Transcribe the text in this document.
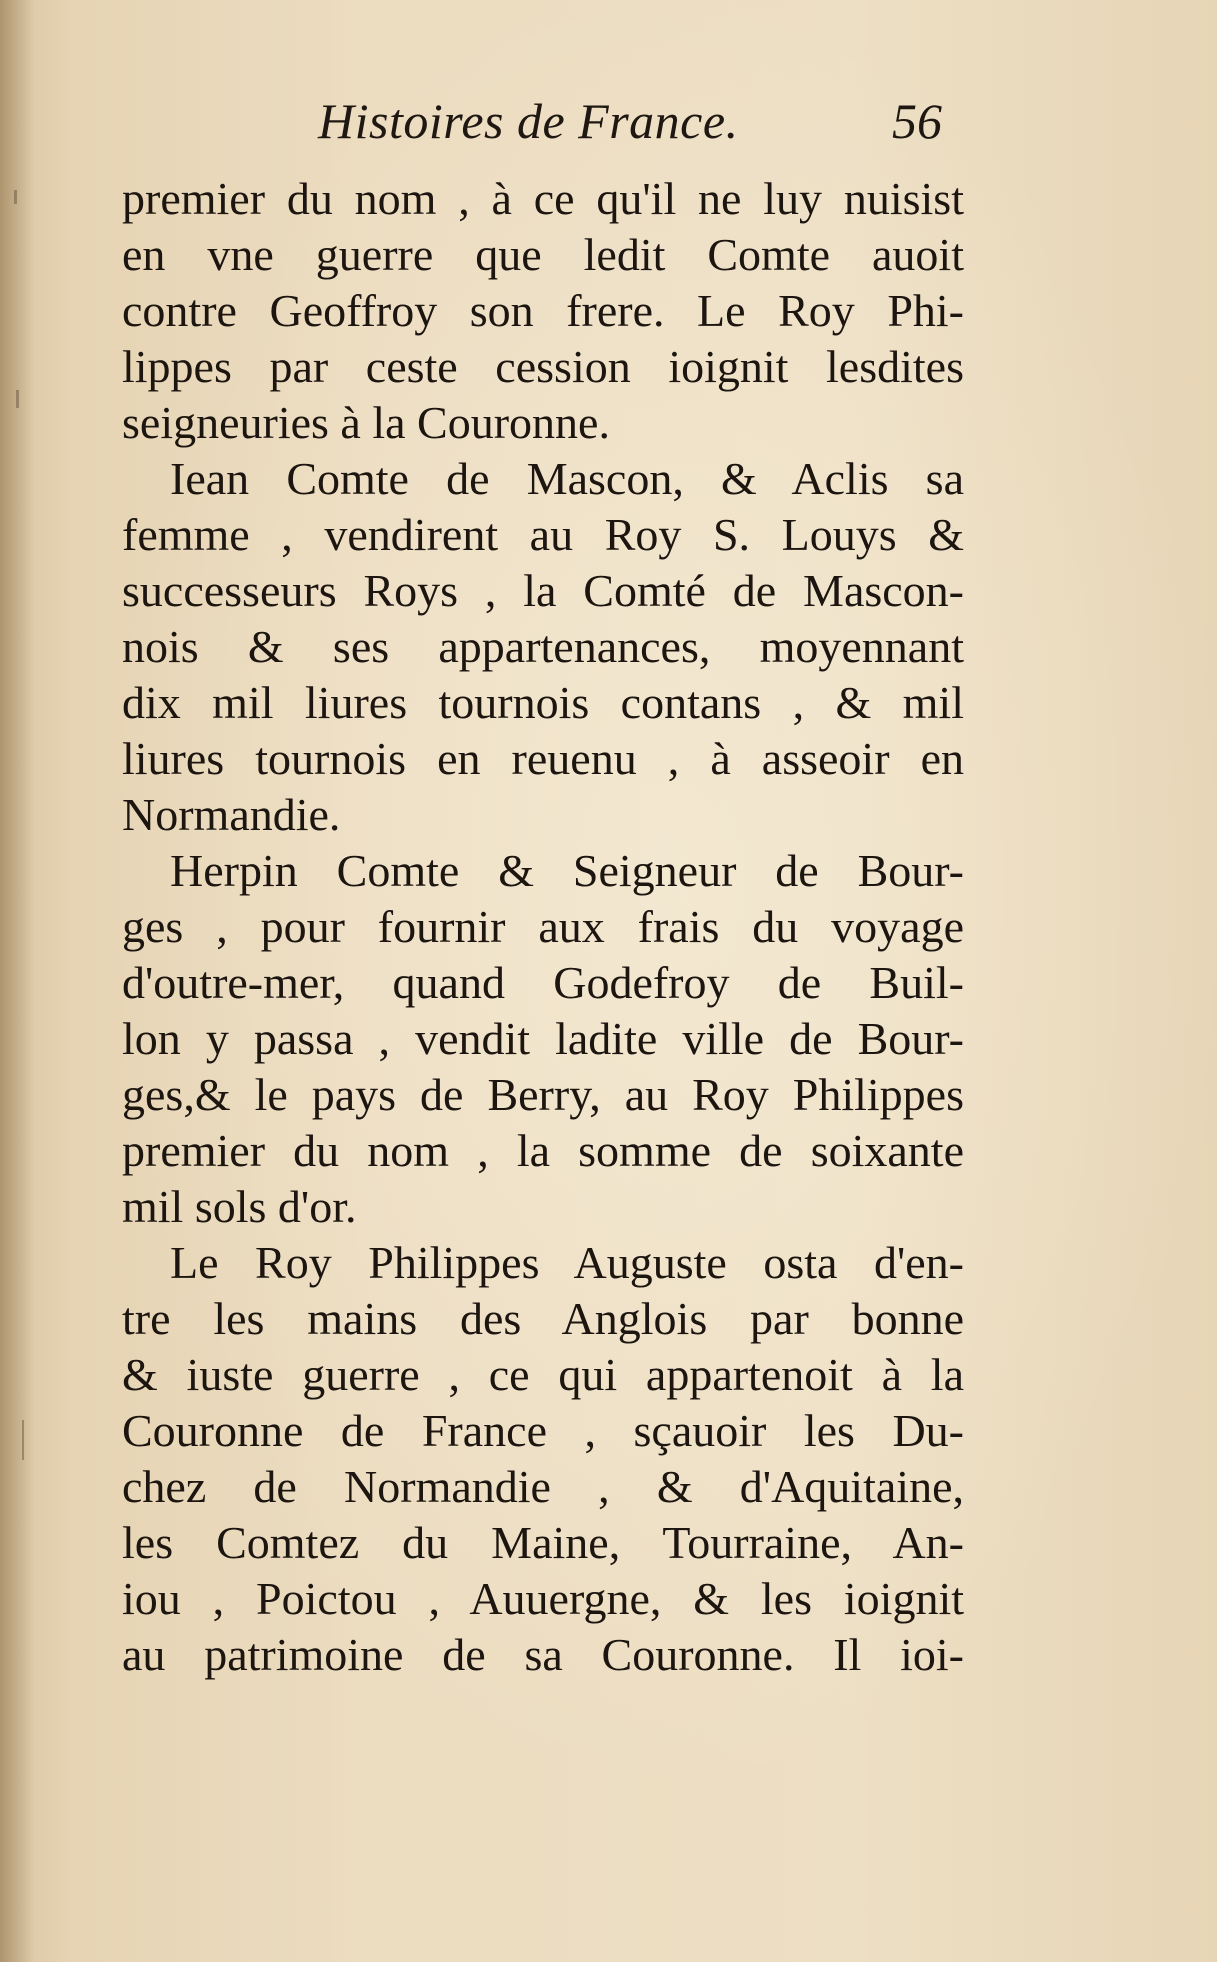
Histoires de France.	56
premier du nom , à ce qu'il ne luy nuisist
en vne guerre que ledit Comte auoit
contre Geoffroy son frere. Le Roy Phi-
lippes par ceste cession ioignit lesdites
seigneuries à la Couronne.
Iean Comte de Mascon, & Aclis sa
femme , vendirent au Roy S. Louys &
successeurs Roys , la Comté de Mascon-
nois & ses appartenances, moyennant
dix mil liures tournois contans , & mil
liures tournois en reuenu , à asseoir en
Normandie.
Herpin Comte & Seigneur de Bour-
ges , pour fournir aux frais du voyage
d'outre-mer, quand Godefroy de Buil-
lon y passa , vendit ladite ville de Bour-
ges,& le pays de Berry, au Roy Philippes
premier du nom , la somme de soixante
mil sols d'or.
Le Roy Philippes Auguste osta d'en-
tre les mains des Anglois par bonne
& iuste guerre , ce qui appartenoit à la
Couronne de France , sçauoir les Du-
chez de Normandie , & d'Aquitaine,
les Comtez du Maine, Tourraine, An-
iou , Poictou , Auuergne, & les ioignit
au patrimoine de sa Couronne. Il ioi-
